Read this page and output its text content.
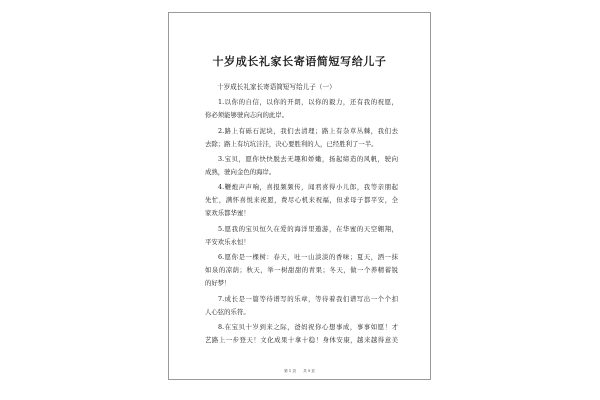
十岁成长礼家长寄语简短写给儿子

十岁成长礼家长寄语简短写给儿子（一）

1.以你的自信，以你的开朗，以你的毅力，还有我的祝愿，
你必须能够驶向志向的此岸。
2.路上有砾石泥块，我们去清理；路上有杂草丛棘，我们去
去除；路上有坑坑洼洼，决心要胜利的人，已经胜利了一半。
3.宝贝，愿你快快脱去无趣和娇嫩，扬起缔造的风帆，驶向
成熟，驶向金色的海岸。
4.鞭炮声声响，喜报频频传，闻君喜得小儿郎，我等亲朋起
先忙，满怀喜悦来祝愿，费尽心机来祝福，但求母子都平安，全
家欢乐都华蜜！
5.愿我的宝贝恒久在爱的海洋里遨游，在华蜜的天空翱翔，
平安欢乐永恒！
6.愿你是一棵树：春天，吐一山淡淡的香味；夏天，洒一抹
如泉的凉荫；秋天，举一树甜甜的青果；冬天，做一个养精蓄锐
的好梦！
7.成长是一篇等待谱写的乐章，等待着我们谱写出一个个扣
人心弦的乐符。
8.在宝贝十岁到来之际，爸妈祝你心想事成，事事如愿！才
艺路上一步登天！文化成果十拿十稳！身体安康，越来越得意美
第 1 页 共 9 页
